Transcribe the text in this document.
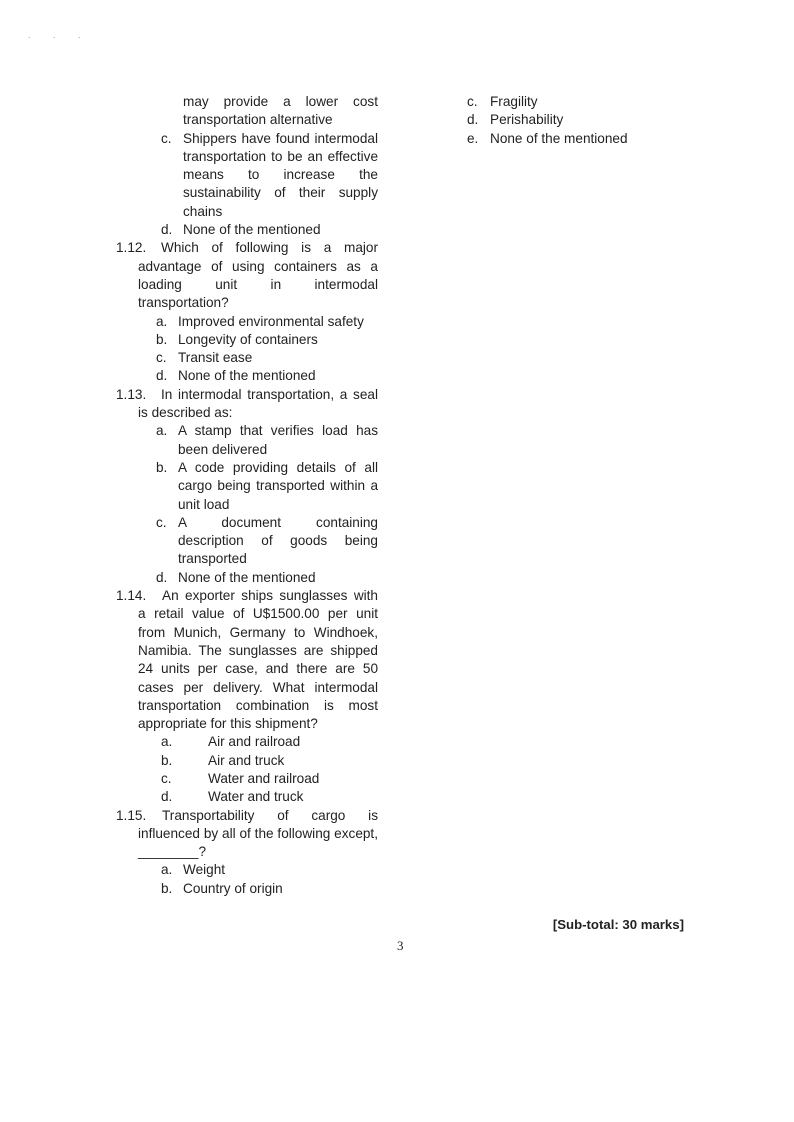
. . .
may provide a lower cost transportation alternative
c. Shippers have found intermodal transportation to be an effective means to increase the sustainability of their supply chains
d. None of the mentioned
1.12.	Which of following is a major advantage of using containers as a loading unit in intermodal transportation?
a. Improved environmental safety
b. Longevity of containers
c. Transit ease
d. None of the mentioned
1.13.	In intermodal transportation, a seal is described as:
a. A stamp that verifies load has been delivered
b. A code providing details of all cargo being transported within a unit load
c. A document containing description of goods being transported
d. None of the mentioned
1.14.	An exporter ships sunglasses with a retail value of U$1500.00 per unit from Munich, Germany to Windhoek, Namibia. The sunglasses are shipped 24 units per case, and there are 50 cases per delivery. What intermodal transportation combination is most appropriate for this shipment?
a.	Air and railroad
b.	Air and truck
c.	Water and railroad
d.	Water and truck
1.15.	Transportability of cargo is influenced by all of the following except, ________?
a. Weight
b. Country of origin
c. Fragility
d. Perishability
e. None of the mentioned
[Sub-total: 30 marks]
3
